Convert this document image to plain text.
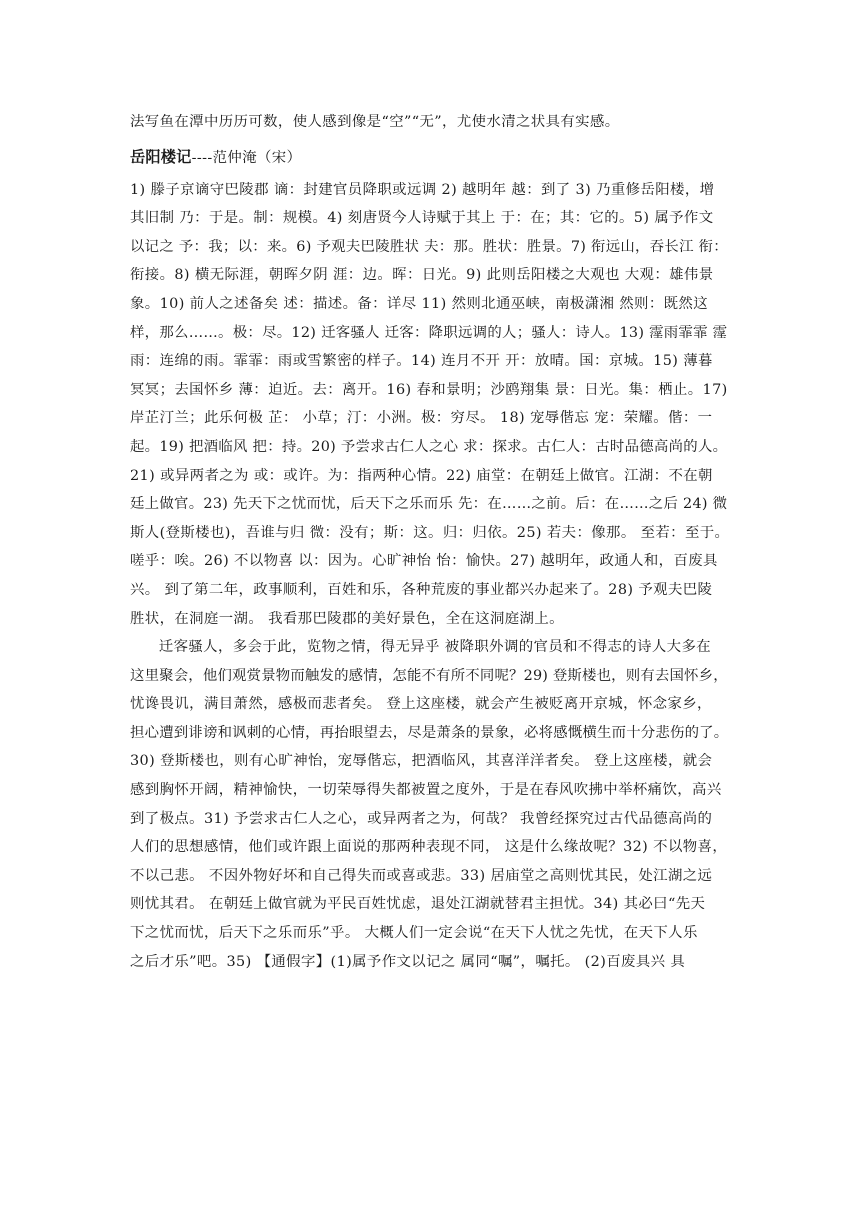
法写鱼在潭中历历可数，使人感到像是“空”“无”，尤使水清之状具有实感。

岳阳楼记----范仲淹（宋）

1) 滕子京谪守巴陵郡 谪：封建官员降职或远调 2) 越明年 越：到了 3) 乃重修岳阳楼，增

其旧制 乃：于是。制：规模。4) 刻唐贤今人诗赋于其上 于：在；其：它的。5) 属予作文

以记之 予：我；以：来。6) 予观夫巴陵胜状 夫：那。胜状：胜景。7) 衔远山，吞长江 衔：

衔接。8) 横无际涯，朝晖夕阴 涯：边。晖：日光。9) 此则岳阳楼之大观也 大观：雄伟景

象。10) 前人之述备矣 述：描述。备：详尽 11) 然则北通巫峡，南极潇湘 然则：既然这

样，那么……。极：尽。12) 迁客骚人 迁客：降职远调的人；骚人：诗人。13) 霪雨霏霏 霪

雨：连绵的雨。霏霏：雨或雪繁密的样子。14) 连月不开 开：放晴。国：京城。15) 薄暮

冥冥；去国怀乡 薄：迫近。去：离开。16) 春和景明；沙鸥翔集 景：日光。集：栖止。17)

岸芷汀兰；此乐何极 芷： 小草；汀：小洲。极：穷尽。 18) 宠辱偕忘 宠：荣耀。偕：一

起。19) 把酒临风 把：持。20) 予尝求古仁人之心 求：探求。古仁人：古时品德高尚的人。

21) 或异两者之为 或：或许。为：指两种心情。22) 庙堂：在朝廷上做官。江湖：不在朝

廷上做官。23) 先天下之忧而忧，后天下之乐而乐 先：在……之前。后：在……之后 24) 微

斯人(登斯楼也)，吾谁与归 微：没有；斯：这。归：归依。25) 若夫：像那。 至若：至于。

嗟乎：唉。26) 不以物喜 以：因为。心旷神怡 怡：愉快。27) 越明年，政通人和，百废具

兴。 到了第二年，政事顺利，百姓和乐，各种荒废的事业都兴办起来了。28) 予观夫巴陵

胜状，在洞庭一湖。 我看那巴陵郡的美好景色，全在这洞庭湖上。

迁客骚人，多会于此，览物之情，得无异乎 被降职外调的官员和不得志的诗人大多在

这里聚会，他们观赏景物而触发的感情，怎能不有所不同呢？29) 登斯楼也，则有去国怀乡，

忧谗畏讥，满目萧然，感极而悲者矣。 登上这座楼，就会产生被贬离开京城，怀念家乡，

担心遭到诽谤和讽刺的心情，再抬眼望去，尽是萧条的景象，必将感慨横生而十分悲伤的了。

30) 登斯楼也，则有心旷神怡，宠辱偕忘，把酒临风，其喜洋洋者矣。 登上这座楼，就会

感到胸怀开阔，精神愉快，一切荣辱得失都被置之度外，于是在春风吹拂中举杯痛饮，高兴

到了极点。31) 予尝求古仁人之心，或异两者之为，何哉？ 我曾经探究过古代品德高尚的

人们的思想感情，他们或许跟上面说的那两种表现不同， 这是什么缘故呢？32) 不以物喜，

不以己悲。 不因外物好坏和自己得失而或喜或悲。33) 居庙堂之高则忧其民，处江湖之远

则忧其君。 在朝廷上做官就为平民百姓忧虑，退处江湖就替君主担忧。34) 其必曰“先天

下之忧而忧，后天下之乐而乐”乎。 大概人们一定会说“在天下人忧之先忧，在天下人乐

之后才乐”吧。35) 【通假字】(1)属予作文以记之 属同“嘱”，嘱托。 (2)百废具兴 具
